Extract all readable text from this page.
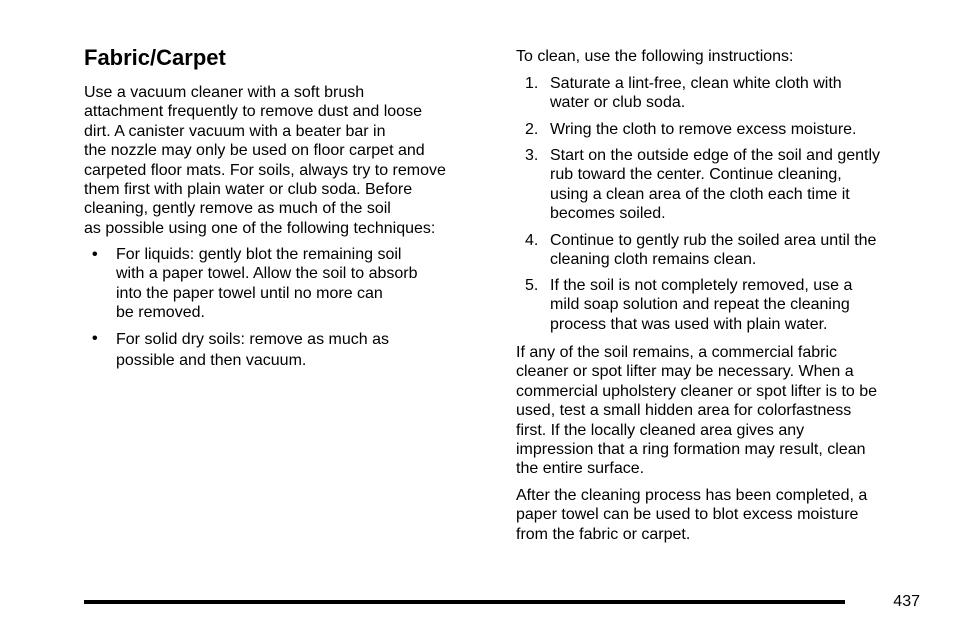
Fabric/Carpet

Use a vacuum cleaner with a soft brush
attachment frequently to remove dust and loose
dirt. A canister vacuum with a beater bar in
the nozzle may only be used on floor carpet and
carpeted floor mats. For soils, always try to remove
them first with plain water or club soda. Before
cleaning, gently remove as much of the soil
as possible using one of the following techniques:

• For liquids: gently blot the remaining soil
with a paper towel. Allow the soil to absorb
into the paper towel until no more can
be removed.
• For solid dry soils: remove as much as
possible and then vacuum.

To clean, use the following instructions:

1. Saturate a lint-free, clean white cloth with
water or club soda.
2. Wring the cloth to remove excess moisture.
3. Start on the outside edge of the soil and gently
rub toward the center. Continue cleaning,
using a clean area of the cloth each time it
becomes soiled.
4. Continue to gently rub the soiled area until the
cleaning cloth remains clean.
5. If the soil is not completely removed, use a
mild soap solution and repeat the cleaning
process that was used with plain water.

If any of the soil remains, a commercial fabric
cleaner or spot lifter may be necessary. When a
commercial upholstery cleaner or spot lifter is to be
used, test a small hidden area for colorfastness
first. If the locally cleaned area gives any
impression that a ring formation may result, clean
the entire surface.

After the cleaning process has been completed, a
paper towel can be used to blot excess moisture
from the fabric or carpet.

437
